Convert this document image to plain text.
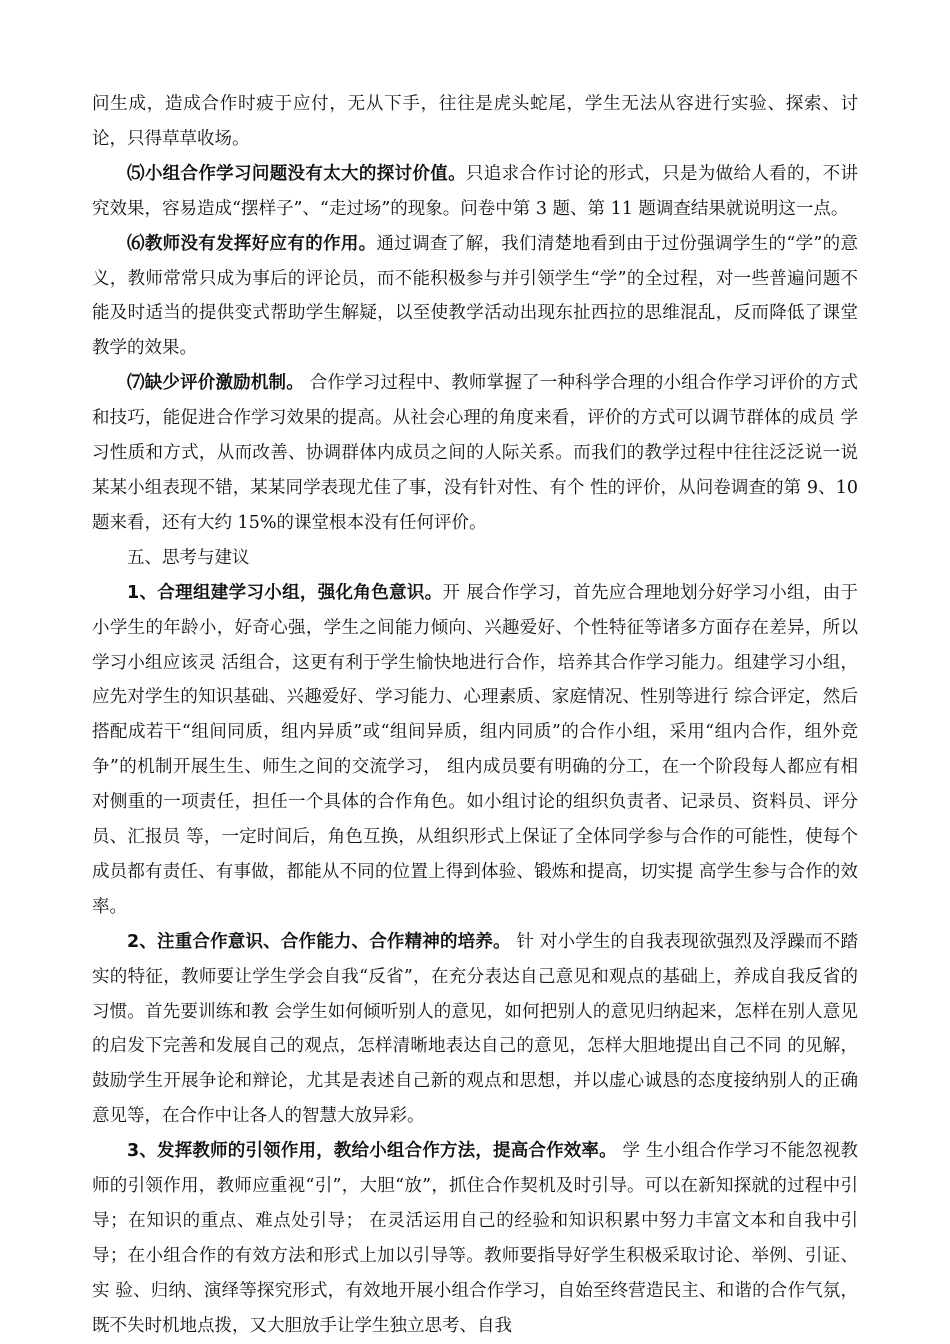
问生成，造成合作时疲于应付，无从下手，往往是虎头蛇尾，学生无法从容进行实验、探索、讨论，只得草草收场。

⑸小组合作学习问题没有太大的探讨价值。只追求合作讨论的形式，只是为做给人看的，不讲究效果，容易造成“摆样子”、“走过场”的现象。问卷中第 3 题、第 11 题调查结果就说明这一点。

⑹教师没有发挥好应有的作用。通过调查了解，我们清楚地看到由于过份强调学生的“学”的意义，教师常常只成为事后的评论员，而不能积极参与并引领学生“学”的全过程，对一些普遍问题不能及时适当的提供变式帮助学生解疑，以至使教学活动出现东扯西拉的思维混乱，反而降低了课堂教学的效果。

⑺缺少评价激励机制。 合作学习过程中、教师掌握了一种科学合理的小组合作学习评价的方式和技巧，能促进合作学习效果的提高。从社会心理的角度来看，评价的方式可以调节群体的成员 学习性质和方式，从而改善、协调群体内成员之间的人际关系。而我们的教学过程中往往泛泛说一说某某小组表现不错，某某同学表现尤佳了事，没有针对性、有个 性的评价，从问卷调查的第 9、10 题来看，还有大约 15%的课堂根本没有任何评价。

五、思考与建议

1、合理组建学习小组，强化角色意识。开 展合作学习，首先应合理地划分好学习小组，由于小学生的年龄小，好奇心强，学生之间能力倾向、兴趣爱好、个性特征等诸多方面存在差异，所以学习小组应该灵 活组合，这更有利于学生愉快地进行合作，培养其合作学习能力。组建学习小组，应先对学生的知识基础、兴趣爱好、学习能力、心理素质、家庭情况、性别等进行 综合评定，然后搭配成若干“组间同质，组内异质”或“组间异质，组内同质”的合作小组，采用“组内合作，组外竞争”的机制开展生生、师生之间的交流学习， 组内成员要有明确的分工，在一个阶段每人都应有相对侧重的一项责任，担任一个具体的合作角色。如小组讨论的组织负责者、记录员、资料员、评分员、汇报员 等，一定时间后，角色互换，从组织形式上保证了全体同学参与合作的可能性，使每个成员都有责任、有事做，都能从不同的位置上得到体验、锻炼和提高，切实提 高学生参与合作的效率。

2、注重合作意识、合作能力、合作精神的培养。 针 对小学生的自我表现欲强烈及浮躁而不踏实的特征，教师要让学生学会自我“反省”，在充分表达自己意见和观点的基础上，养成自我反省的习惯。首先要训练和教 会学生如何倾听别人的意见，如何把别人的意见归纳起来，怎样在别人意见的启发下完善和发展自己的观点，怎样清晰地表达自己的意见，怎样大胆地提出自己不同 的见解，鼓励学生开展争论和辩论，尤其是表述自己新的观点和思想，并以虚心诚恳的态度接纳别人的正确意见等，在合作中让各人的智慧大放异彩。

3、发挥教师的引领作用，教给小组合作方法，提高合作效率。 学 生小组合作学习不能忽视教师的引领作用，教师应重视“引”，大胆“放”，抓住合作契机及时引导。可以在新知探就的过程中引导；在知识的重点、难点处引导； 在灵活运用自己的经验和知识积累中努力丰富文本和自我中引导；在小组合作的有效方法和形式上加以引导等。教师要指导好学生积极采取讨论、举例、引证、实 验、归纳、演绎等探究形式，有效地开展小组合作学习，自始至终营造民主、和谐的合作气氛，既不失时机地点拨，又大胆放手让学生独立思考、自我
